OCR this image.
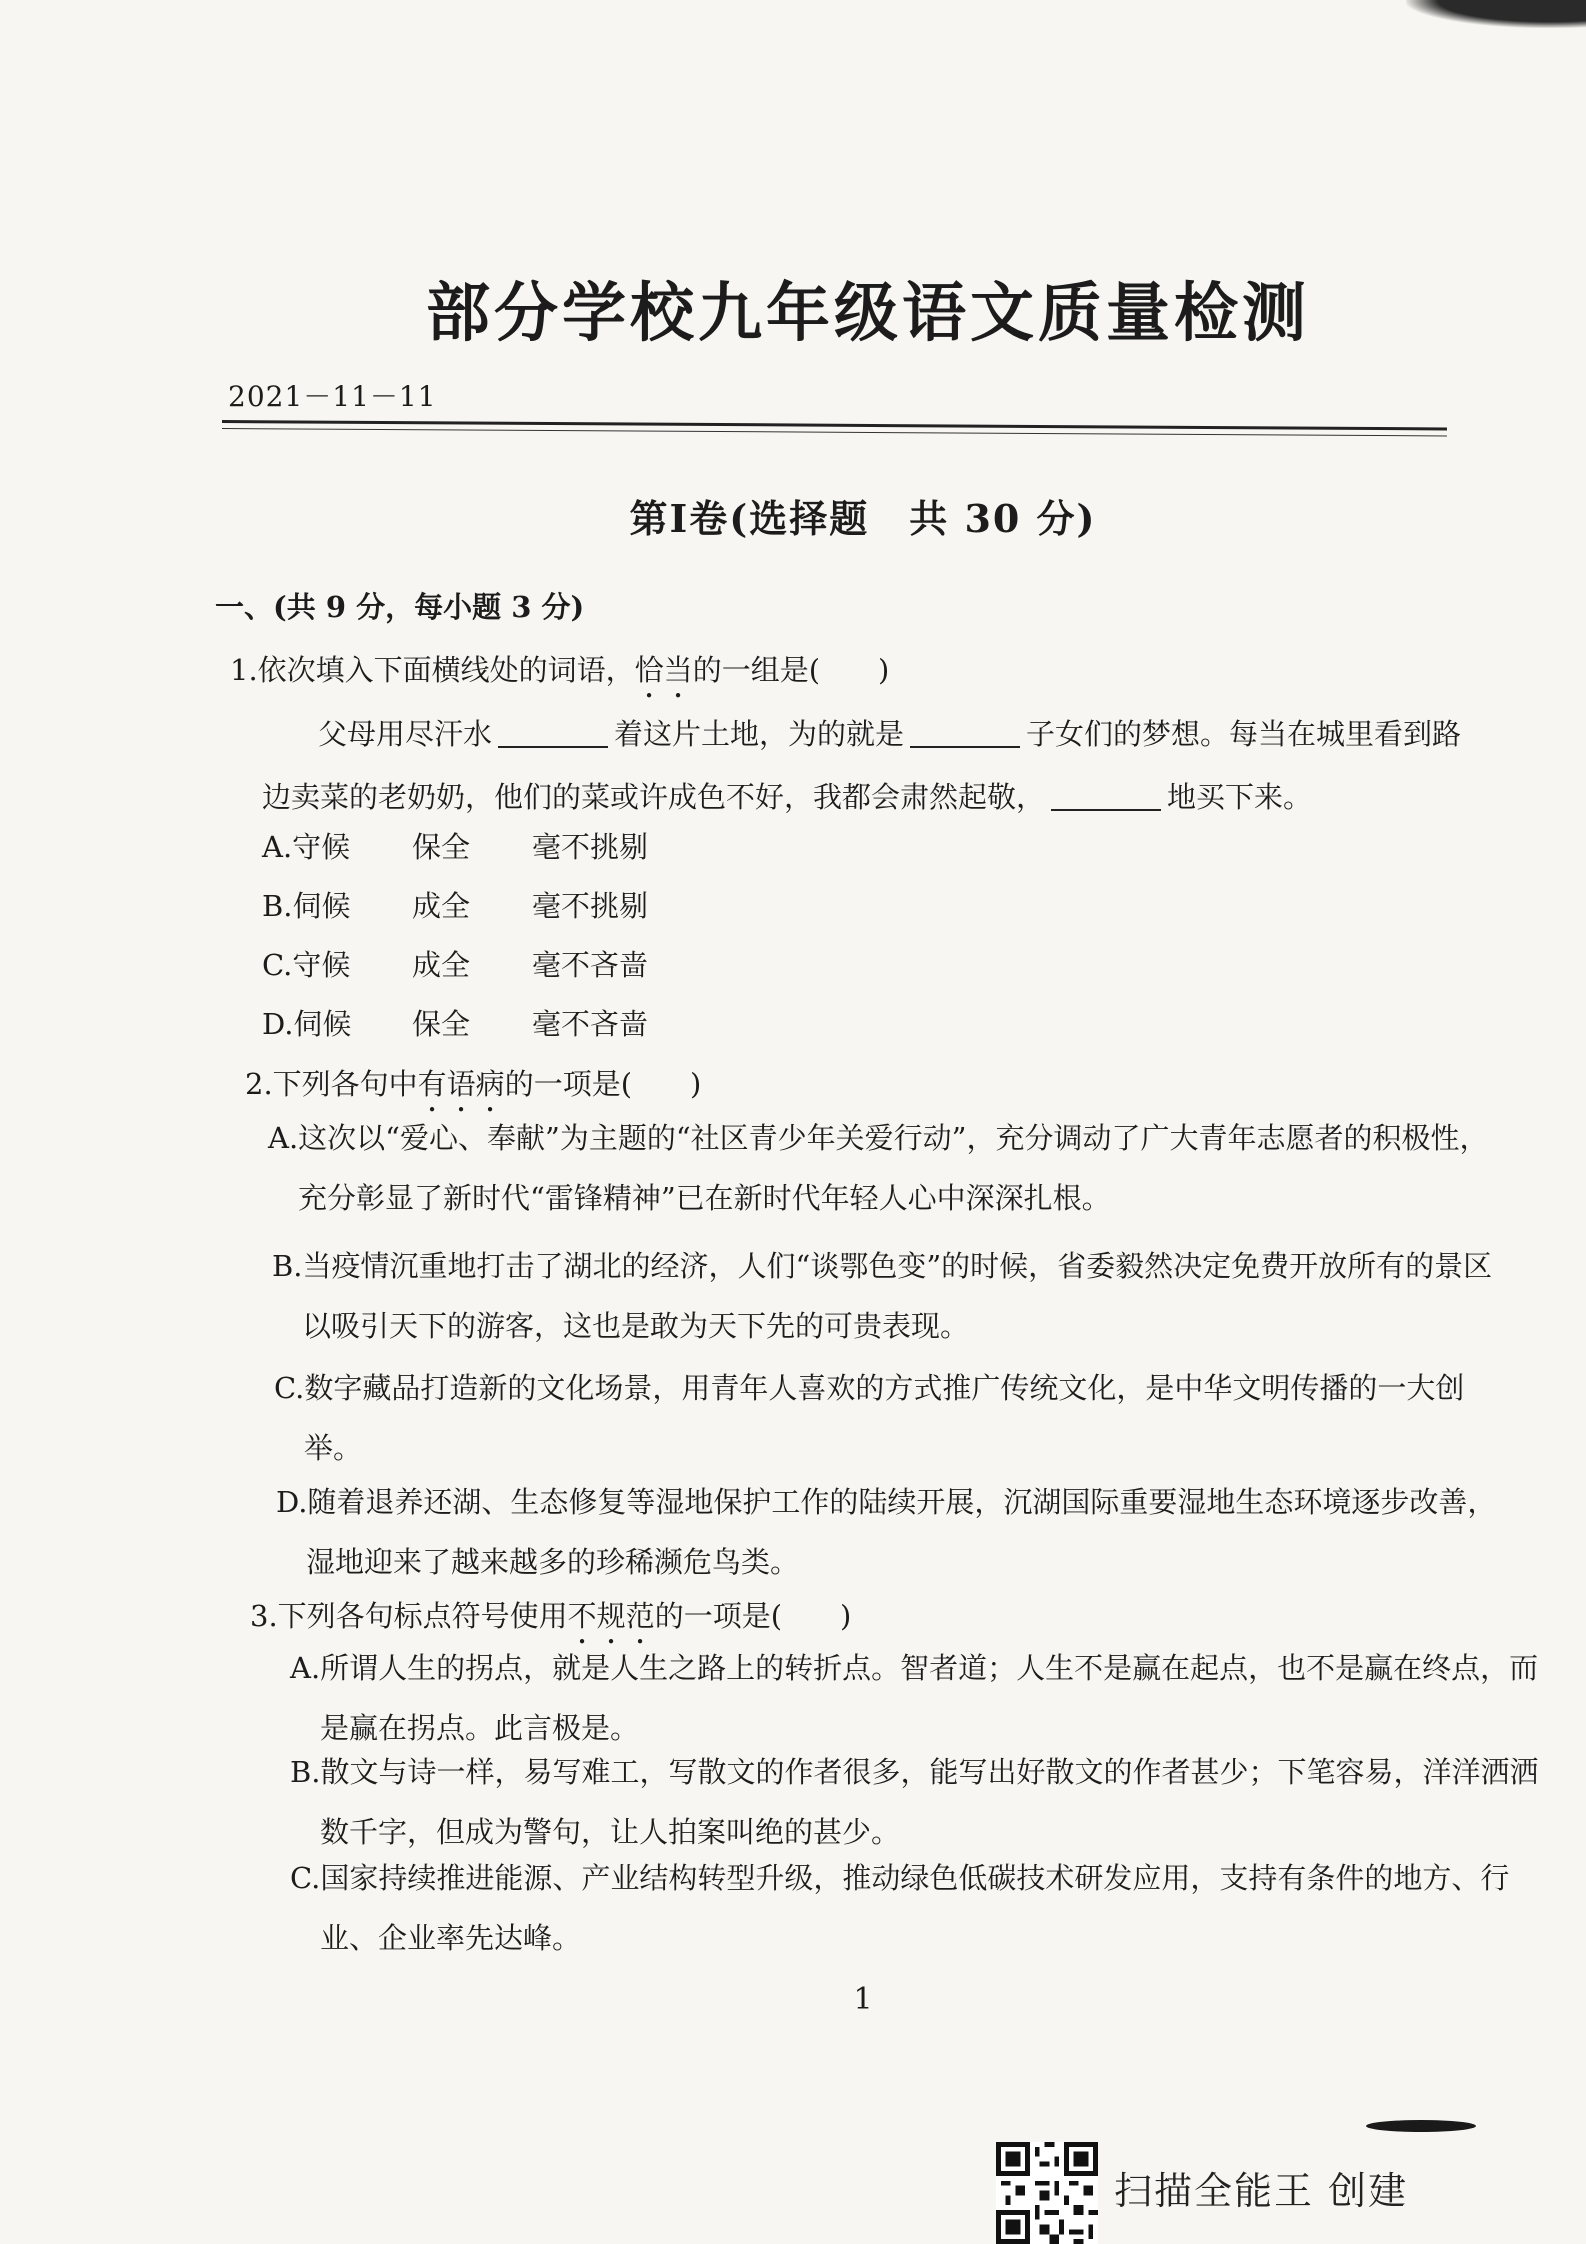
部分学校九年级语文质量检测
2021－11－11
第Ⅰ卷(选择题　共 30 分)
一、(共 9 分，每小题 3 分)
1.依次填入下面横线处的词语，恰当的一组是(　　)
父母用尽汗水	着这片土地，为的就是	子女们的梦想。每当在城里看到路
边卖菜的老奶奶，他们的菜或许成色不好，我都会肃然起敬，	地买下来。
A.守候 保全 毫不挑剔
B.伺候 成全 毫不挑剔
C.守候 成全 毫不吝啬
D.伺候 保全 毫不吝啬
2.下列各句中有语病的一项是(　　)
A.这次以“爱心、奉献”为主题的“社区青少年关爱行动”，充分调动了广大青年志愿者的积极性，
充分彰显了新时代“雷锋精神”已在新时代年轻人心中深深扎根。
B.当疫情沉重地打击了湖北的经济，人们“谈鄂色变”的时候，省委毅然决定免费开放所有的景区
以吸引天下的游客，这也是敢为天下先的可贵表现。
C.数字藏品打造新的文化场景，用青年人喜欢的方式推广传统文化，是中华文明传播的一大创
举。
D.随着退养还湖、生态修复等湿地保护工作的陆续开展，沉湖国际重要湿地生态环境逐步改善，
湿地迎来了越来越多的珍稀濒危鸟类。
3.下列各句标点符号使用不规范的一项是(　　)
A.所谓人生的拐点，就是人生之路上的转折点。智者道；人生不是赢在起点，也不是赢在终点，而
是赢在拐点。此言极是。
B.散文与诗一样，易写难工，写散文的作者很多，能写出好散文的作者甚少；下笔容易，洋洋洒洒
数千字，但成为警句，让人拍案叫绝的甚少。
C.国家持续推进能源、产业结构转型升级，推动绿色低碳技术研发应用，支持有条件的地方、行
业、企业率先达峰。
1
扫描全能王 创建
